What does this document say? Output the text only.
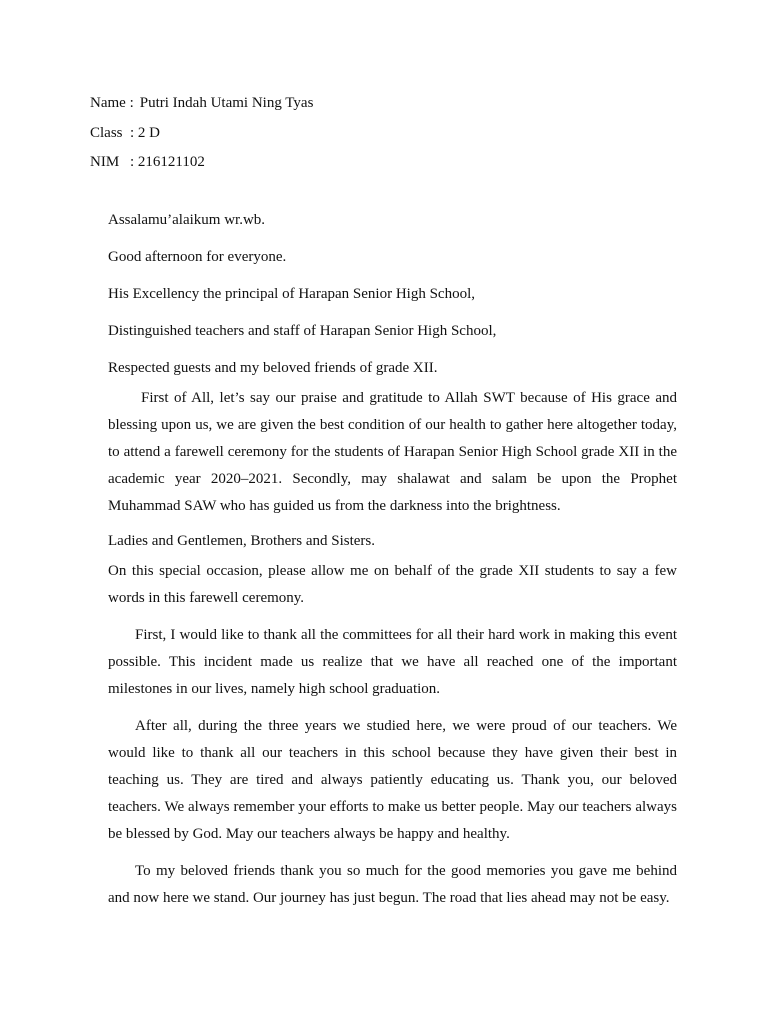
Name : Putri Indah Utami Ning Tyas
Class : 2 D
NIM : 216121102
Assalamu’alaikum wr.wb.
Good afternoon for everyone.
His Excellency the principal of Harapan Senior High School,
Distinguished teachers and staff of Harapan Senior High School,
Respected guests and my beloved friends of grade XII.

First of All, let’s say our praise and gratitude to Allah SWT because of His grace and blessing upon us, we are given the best condition of our health to gather here altogether today, to attend a farewell ceremony for the students of Harapan Senior High School grade XII in the academic year 2020–2021. Secondly, may shalawat and salam be upon the Prophet Muhammad SAW who has guided us from the darkness into the brightness.

Ladies and Gentlemen, Brothers and Sisters.

On this special occasion, please allow me on behalf of the grade XII students to say a few words in this farewell ceremony.

First, I would like to thank all the committees for all their hard work in making this event possible. This incident made us realize that we have all reached one of the important milestones in our lives, namely high school graduation.

After all, during the three years we studied here, we were proud of our teachers. We would like to thank all our teachers in this school because they have given their best in teaching us. They are tired and always patiently educating us. Thank you, our beloved teachers. We always remember your efforts to make us better people. May our teachers always be blessed by God. May our teachers always be happy and healthy.

To my beloved friends thank you so much for the good memories you gave me behind and now here we stand. Our journey has just begun. The road that lies ahead may not be easy.
